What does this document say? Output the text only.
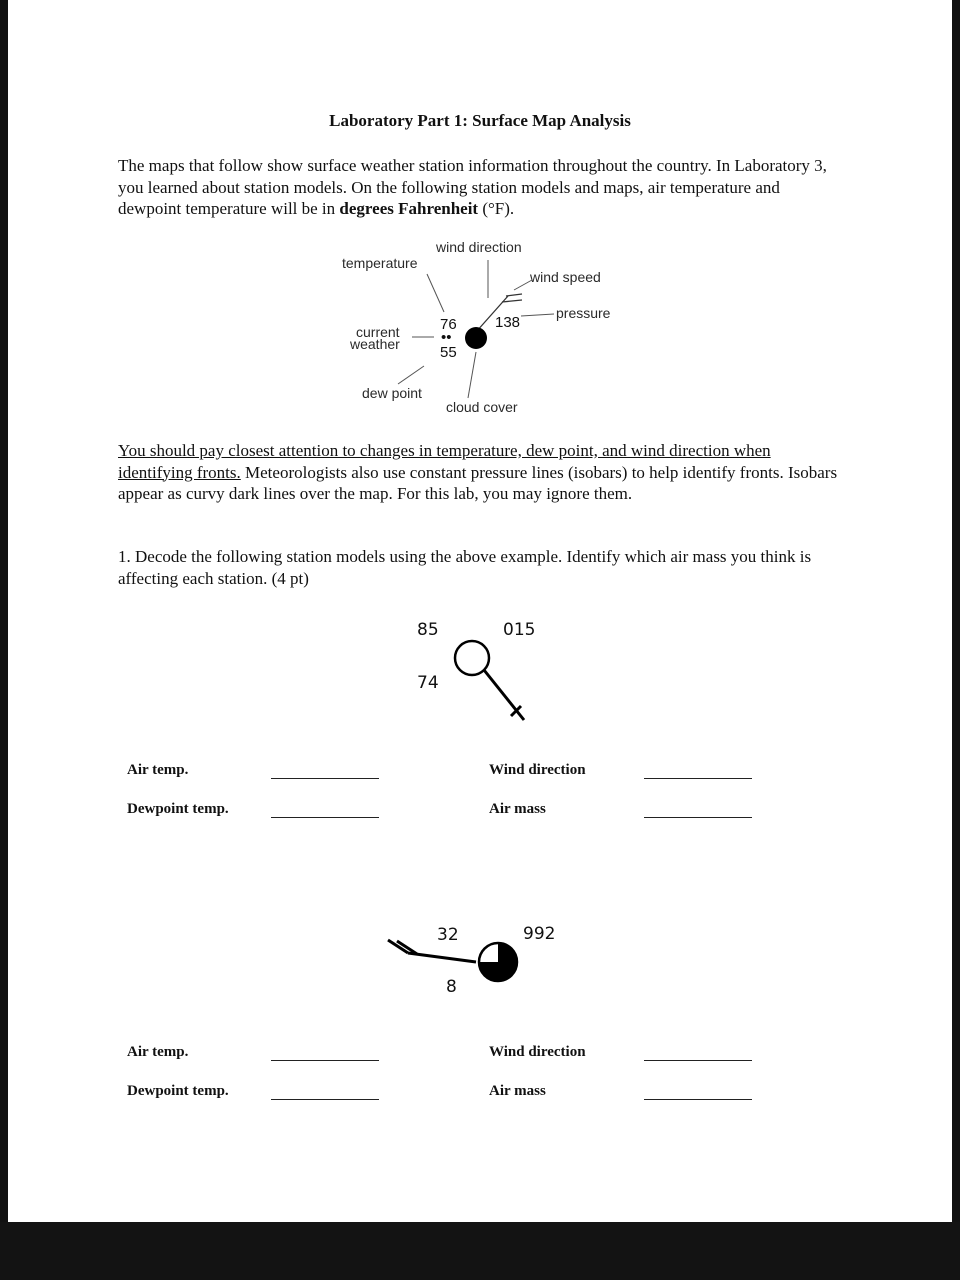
Laboratory Part 1: Surface Map Analysis
The maps that follow show surface weather station information throughout the country. In Laboratory 3, you learned about station models. On the following station models and maps, air temperature and dewpoint temperature will be in degrees Fahrenheit (°F).
temperature
wind direction
wind speed
pressure
current
weather
dew point
cloud cover
76
55
138
••
You should pay closest attention to changes in temperature, dew point, and wind direction when identifying fronts. Meteorologists also use constant pressure lines (isobars) to help identify fronts. Isobars appear as curvy dark lines over the map. For this lab, you may ignore them.
1. Decode the following station models using the above example. Identify which air mass you think is affecting each station. (4 pt)
85	015
74
Air temp.	Wind direction
Dewpoint temp.	Air mass
32	992
8
Air temp.	Wind direction
Dewpoint temp.	Air mass
